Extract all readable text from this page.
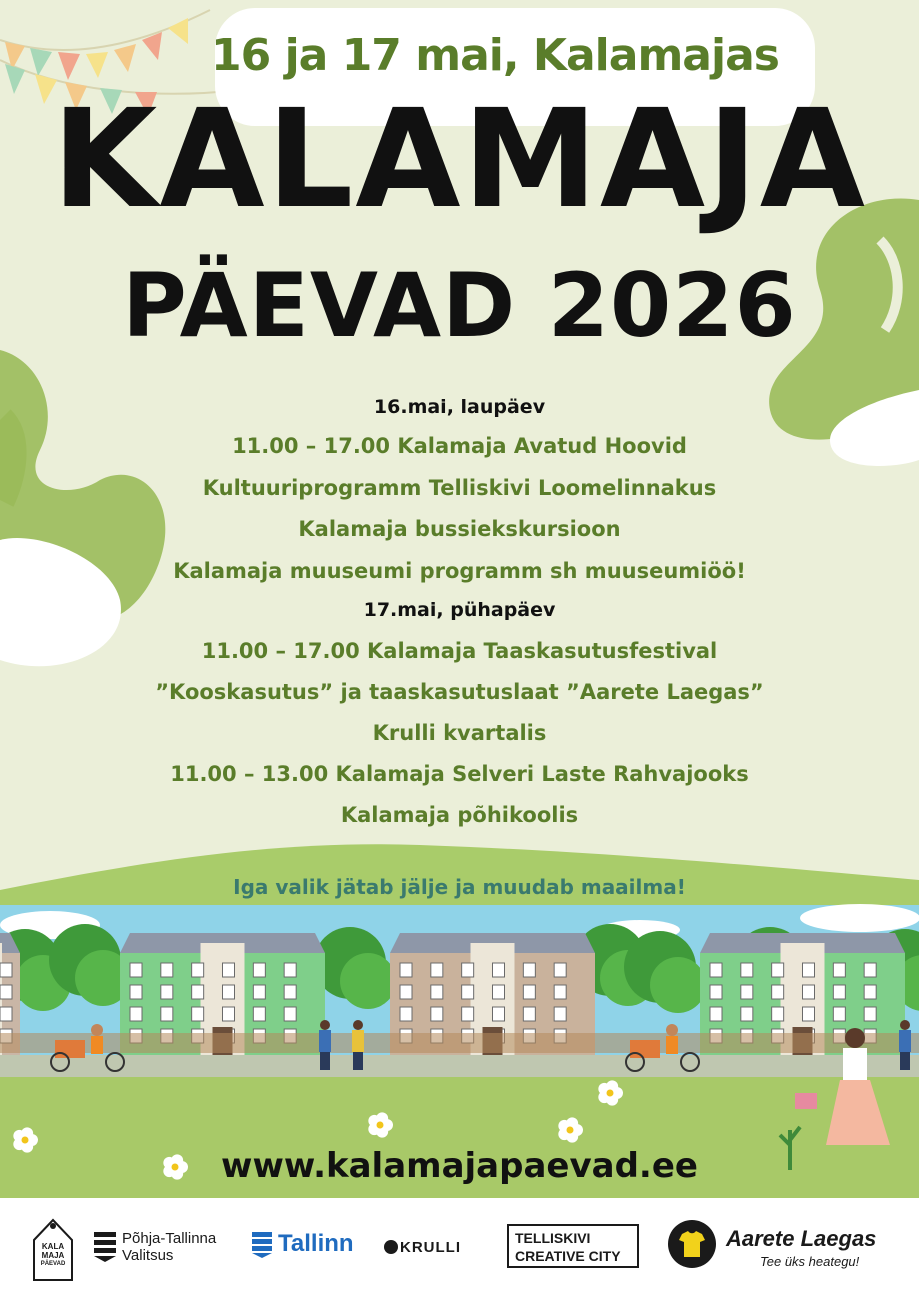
16 ja 17 mai, Kalamajas
KALAMAJA
PÄEVAD 2026
16.mai, laupäev
11.00 – 17.00 Kalamaja Avatud Hoovid
Kultuuriprogramm Telliskivi Loomelinnakus
Kalamaja bussiekskursioon
Kalamaja muuseumi programm sh muuseumiöö!
17.mai, pühapäev
11.00 – 17.00 Kalamaja Taaskasutusfestival
”Kooskasutus” ja taaskasutuslaat ”Aarete Laegas”
Krulli kvartalis
11.00 – 13.00 Kalamaja Selveri Laste Rahvajooks
Kalamaja põhikoolis
Iga valik jätab jälje ja muudab maailma!
www.kalamajapaevad.ee
KALA
MAJA
PÄEVAD
Põhja-Tallinna
Valitsus	Tallinn	KRULLI
TELLISKIVI
CREATIVE CITY
Aarete Laegas
Tee üks heategu!
